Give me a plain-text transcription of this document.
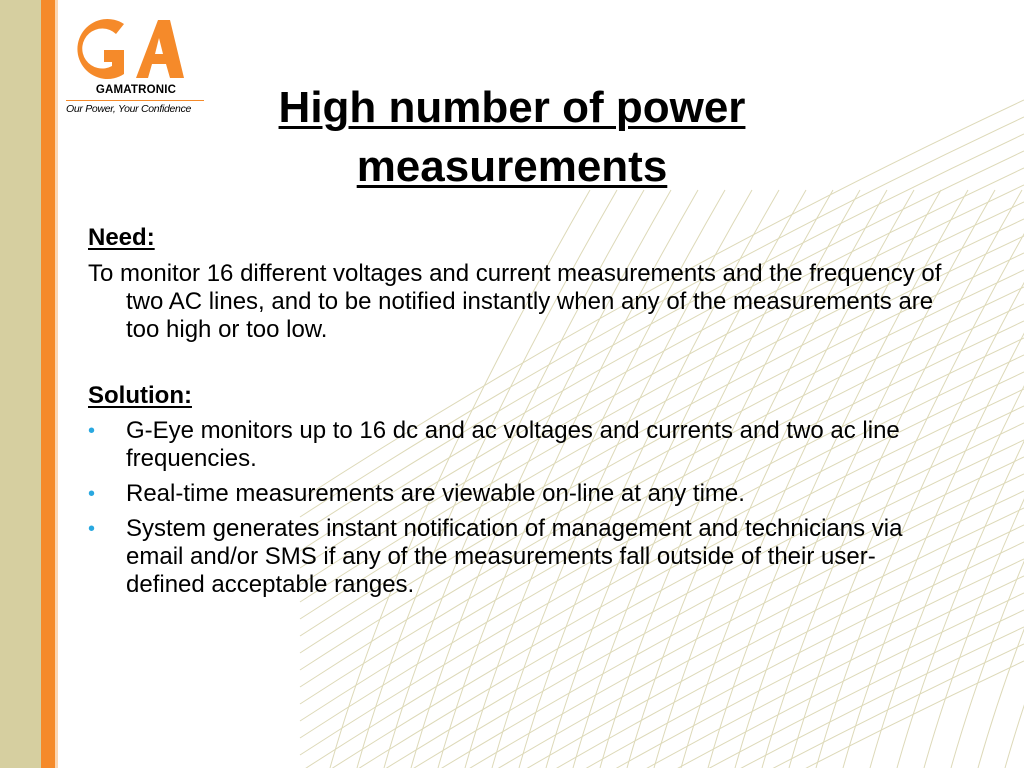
GAMATRONIC
Our Power, Your Confidence	High number of power measurements

Need:

To monitor 16 different voltages and current measurements and the frequency of two AC lines, and to be notified instantly when any of the measurements are too high or too low.

Solution:

• G-Eye monitors up to 16 dc and ac voltages and currents and two ac line frequencies.
• Real-time measurements are viewable on-line at any time.
• System generates instant notification of management and technicians via email and/or SMS if any of the measurements fall outside of their user-defined acceptable ranges.
